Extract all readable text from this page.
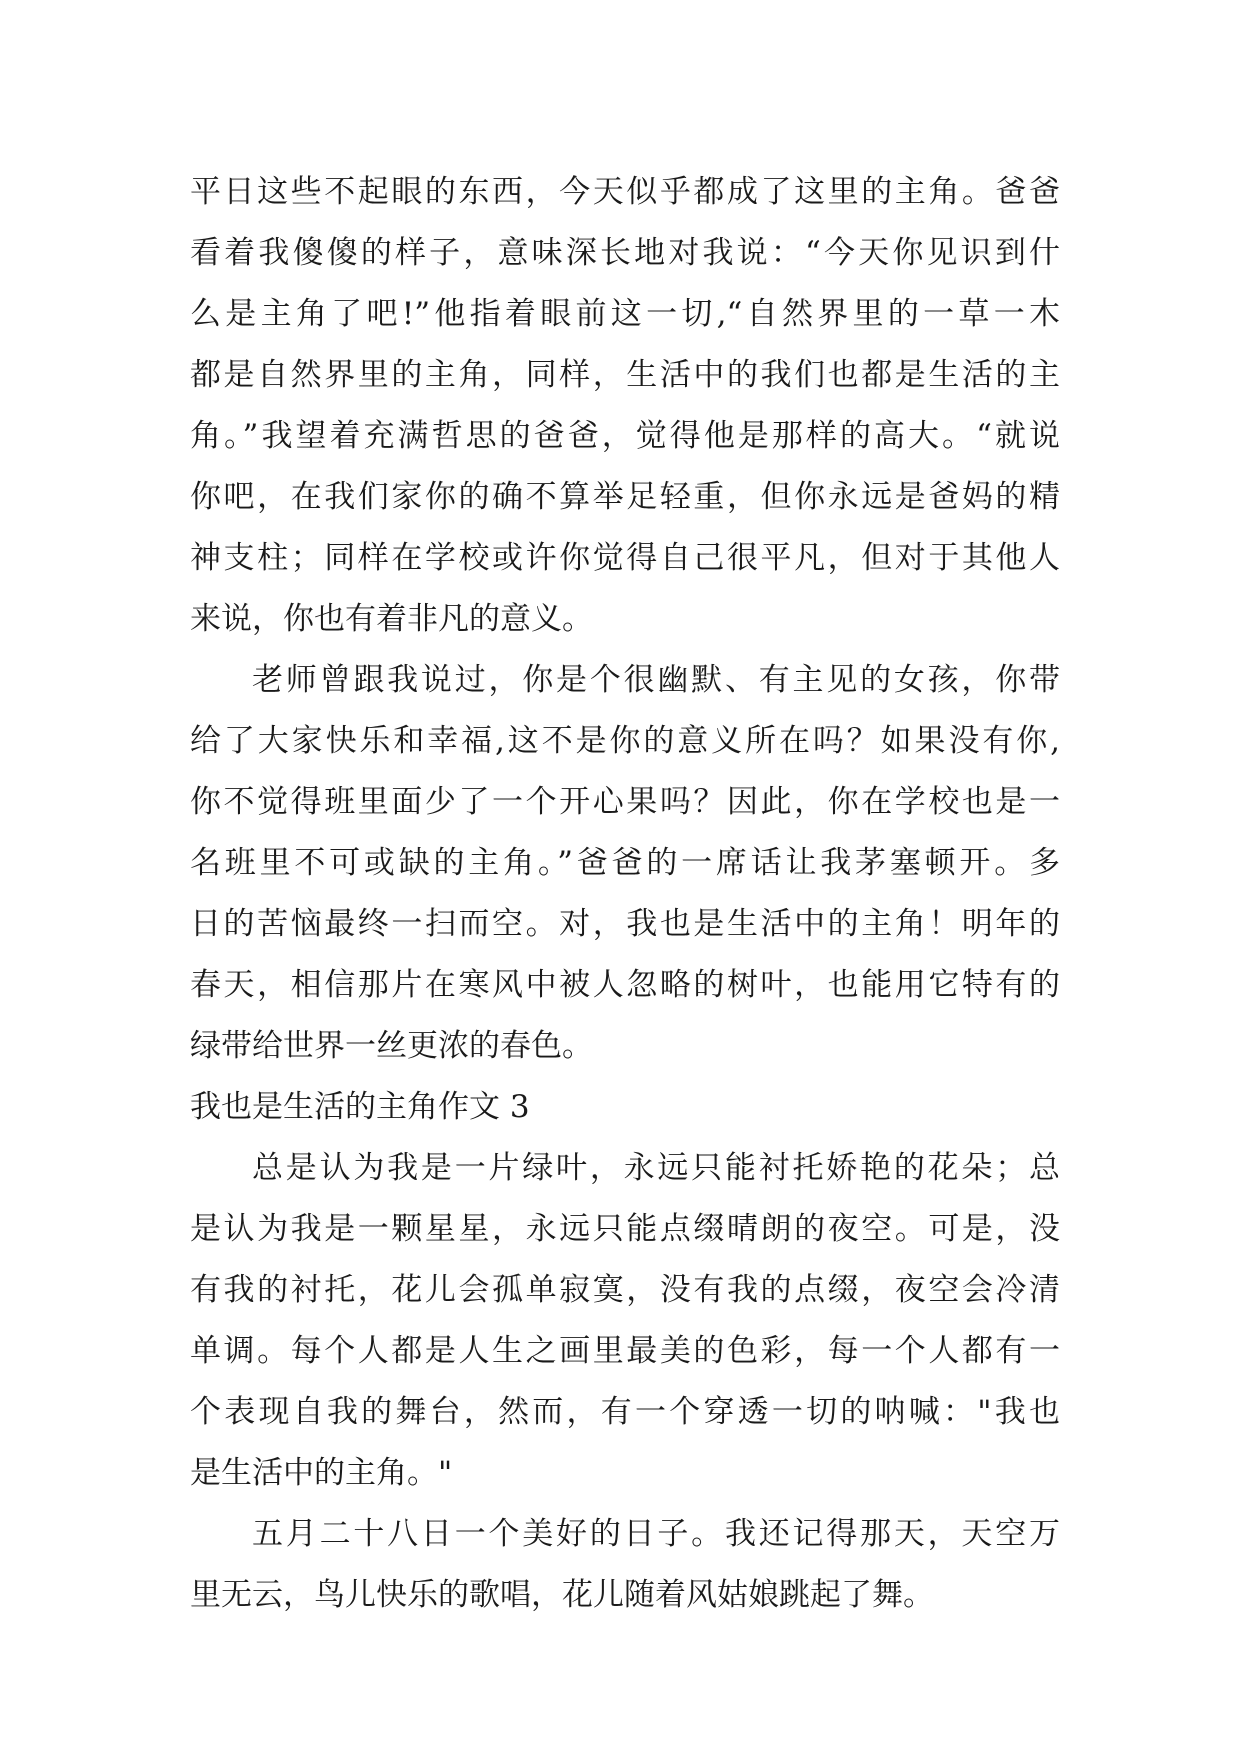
平日这些不起眼的东西，今天似乎都成了这里的主角。爸爸
看着我傻傻的样子，意味深长地对我说：“今天你见识到什
么是主角了吧!”他指着眼前这一切,“自然界里的一草一木
都是自然界里的主角，同样，生活中的我们也都是生活的主
角。”我望着充满哲思的爸爸，觉得他是那样的高大。“就说
你吧，在我们家你的确不算举足轻重，但你永远是爸妈的精
神支柱；同样在学校或许你觉得自己很平凡，但对于其他人
来说，你也有着非凡的意义。
老师曾跟我说过，你是个很幽默、有主见的女孩，你带
给了大家快乐和幸福,这不是你的意义所在吗？如果没有你,
你不觉得班里面少了一个开心果吗？因此，你在学校也是一
名班里不可或缺的主角。”爸爸的一席话让我茅塞顿开。多
日的苦恼最终一扫而空。对，我也是生活中的主角！明年的
春天，相信那片在寒风中被人忽略的树叶，也能用它特有的
绿带给世界一丝更浓的春色。
我也是生活的主角作文 3
总是认为我是一片绿叶，永远只能衬托娇艳的花朵；总
是认为我是一颗星星，永远只能点缀晴朗的夜空。可是，没
有我的衬托，花儿会孤单寂寞，没有我的点缀，夜空会冷清
单调。每个人都是人生之画里最美的色彩，每一个人都有一
个表现自我的舞台，然而，有一个穿透一切的呐喊："我也
是生活中的主角。"
五月二十八日一个美好的日子。我还记得那天，天空万
里无云，鸟儿快乐的歌唱，花儿随着风姑娘跳起了舞。
